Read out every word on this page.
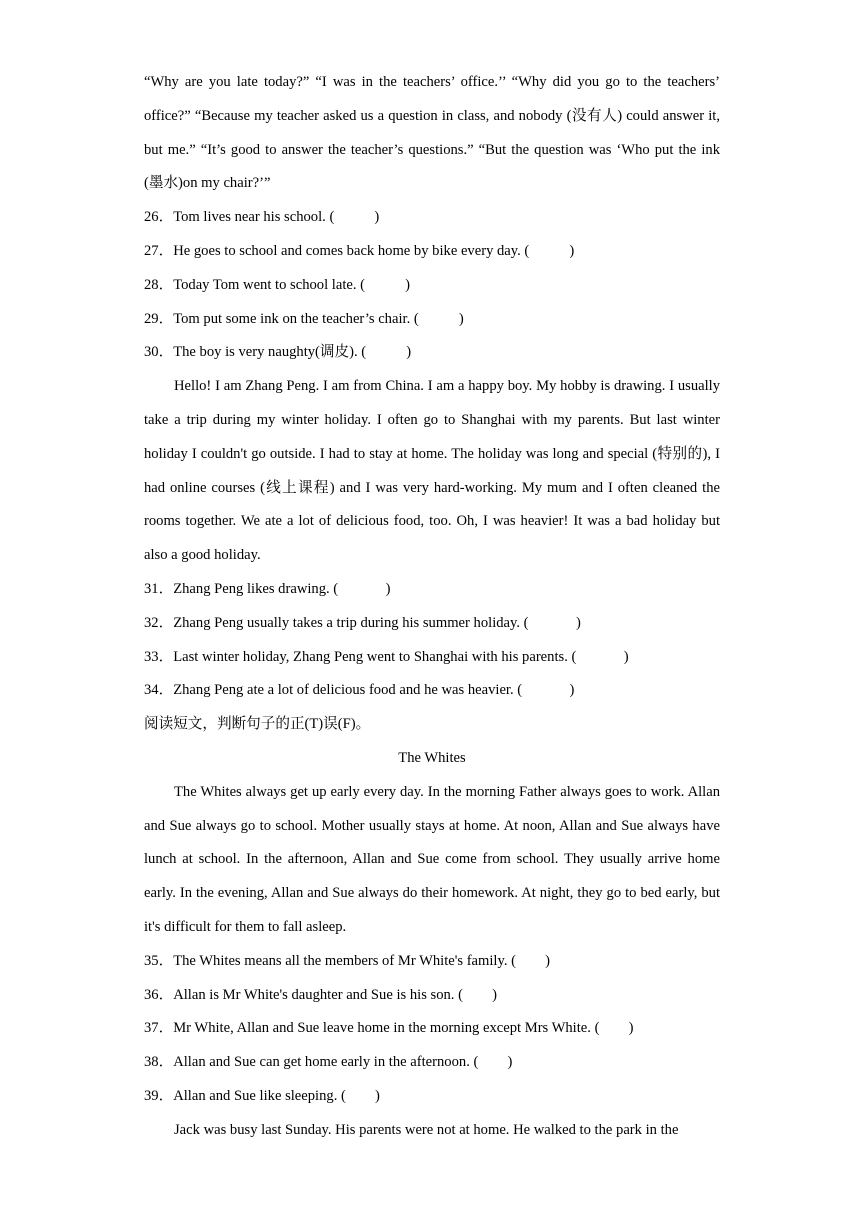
“Why are you late today?” “I was in the teachers’ office.’’ “Why did you go to the teachers’ office?” “Because my teacher asked us a question in class, and nobody (没有人) could answer it, but me.” “It’s good to answer the teacher’s questions.” “But the question was ‘Who put the ink (墨水)on my chair?’”

26．Tom lives near his school. (           )

27．He goes to school and comes back home by bike every day. (           )

28．Today Tom went to school late. (           )

29．Tom put some ink on the teacher’s chair. (           )

30．The boy is very naughty(调皮). (           )

Hello! I am Zhang Peng. I am from China. I am a happy boy. My hobby is drawing. I usually take a trip during my winter holiday. I often go to Shanghai with my parents. But last winter holiday I couldn't go outside. I had to stay at home. The holiday was long and special (特别的), I had online courses (线上课程) and I was very hard-working. My mum and I often cleaned the rooms together. We ate a lot of delicious food, too. Oh, I was heavier! It was a bad holiday but also a good holiday.

31．Zhang Peng likes drawing. (             )

32．Zhang Peng usually takes a trip during his summer holiday. (             )

33．Last winter holiday, Zhang Peng went to Shanghai with his parents. (             )

34．Zhang Peng ate a lot of delicious food and he was heavier. (             )

阅读短文，判断句子的正(T)误(F)。

The Whites

The Whites always get up early every day. In the morning Father always goes to work. Allan and Sue always go to school. Mother usually stays at home. At noon, Allan and Sue always have lunch at school. In the afternoon, Allan and Sue come from school. They usually arrive home early. In the evening, Allan and Sue always do their homework. At night, they go to bed early, but it's difficult for them to fall asleep.

35．The Whites means all the members of Mr White's family. (        )

36．Allan is Mr White's daughter and Sue is his son. (        )

37．Mr White, Allan and Sue leave home in the morning except Mrs White. (        )

38．Allan and Sue can get home early in the afternoon. (        )

39．Allan and Sue like sleeping. (        )

Jack was busy last Sunday. His parents were not at home. He walked to the park in the
